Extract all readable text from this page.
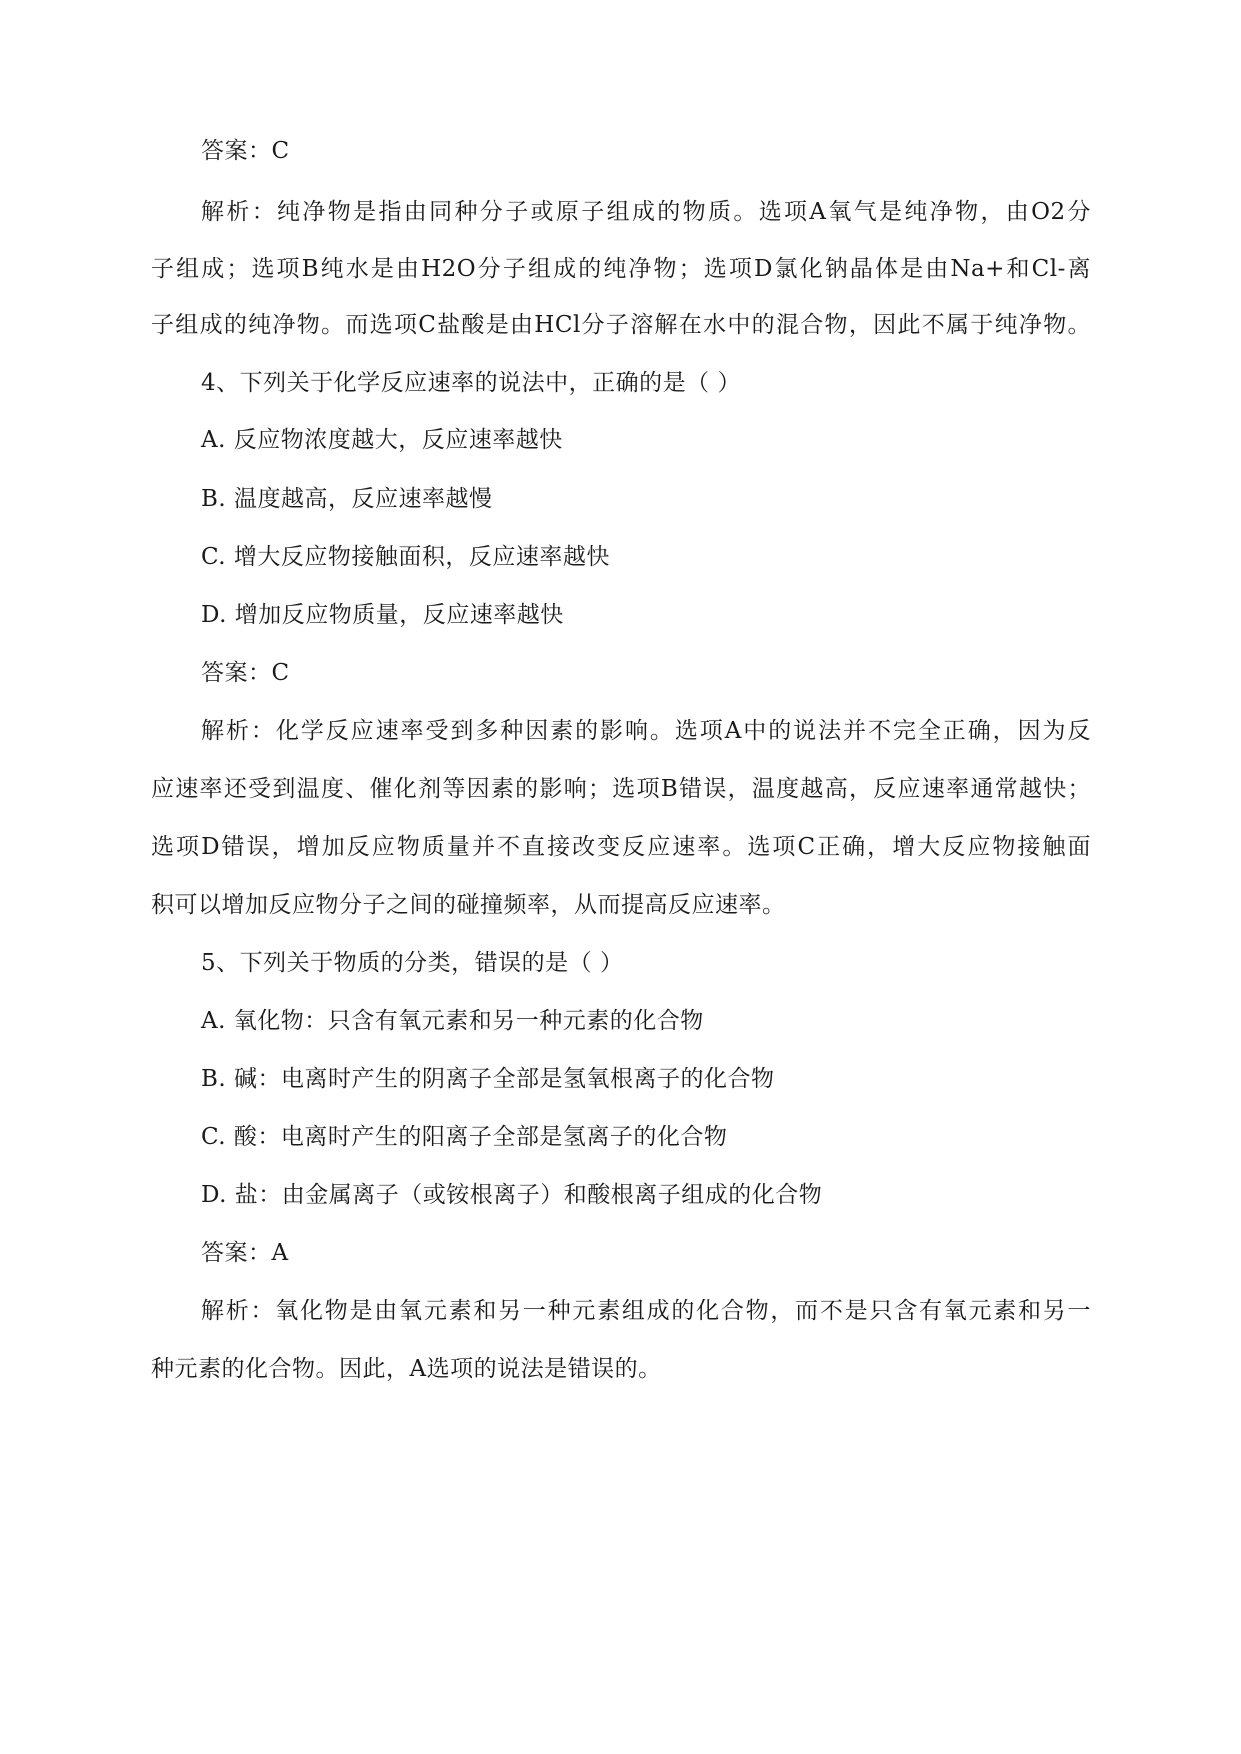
答案：C
解析：纯净物是指由同种分子或原子组成的物质。选项A氧气是纯净物，由O2分
子组成；选项B纯水是由H2O分子组成的纯净物；选项D氯化钠晶体是由Na+和Cl-离
子组成的纯净物。而选项C盐酸是由HCl分子溶解在水中的混合物，因此不属于纯净物。
4、下列关于化学反应速率的说法中，正确的是（ ）
A. 反应物浓度越大，反应速率越快
B. 温度越高，反应速率越慢
C. 增大反应物接触面积，反应速率越快
D. 增加反应物质量，反应速率越快
答案：C
解析：化学反应速率受到多种因素的影响。选项A中的说法并不完全正确，因为反
应速率还受到温度、催化剂等因素的影响；选项B错误，温度越高，反应速率通常越快；
选项D错误，增加反应物质量并不直接改变反应速率。选项C正确，增大反应物接触面
积可以增加反应物分子之间的碰撞频率，从而提高反应速率。
5、下列关于物质的分类，错误的是（ ）
A. 氧化物：只含有氧元素和另一种元素的化合物
B. 碱：电离时产生的阴离子全部是氢氧根离子的化合物
C. 酸：电离时产生的阳离子全部是氢离子的化合物
D. 盐：由金属离子（或铵根离子）和酸根离子组成的化合物
答案：A
解析：氧化物是由氧元素和另一种元素组成的化合物，而不是只含有氧元素和另一
种元素的化合物。因此，A选项的说法是错误的。
